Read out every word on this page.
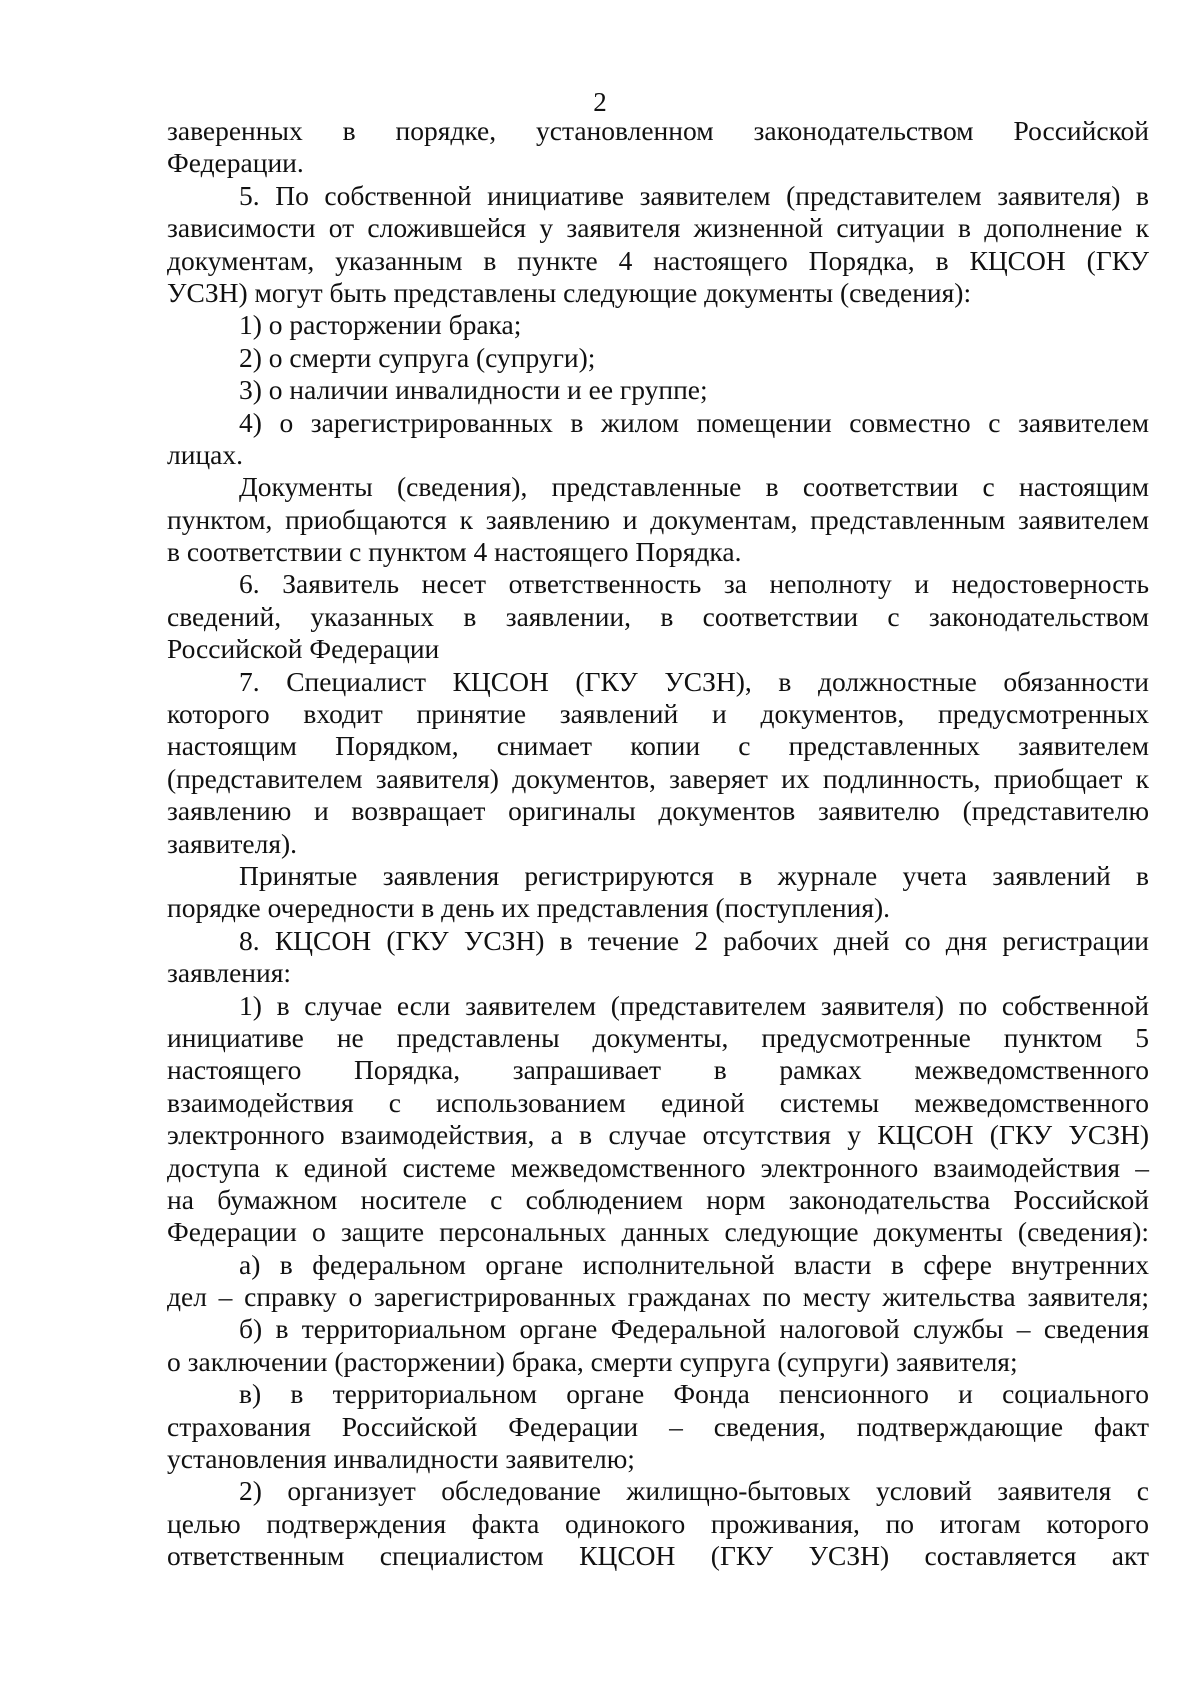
2
заверенных в порядке, установленном законодательством Российской
Федерации.
5. По собственной инициативе заявителем (представителем заявителя) в
зависимости от сложившейся у заявителя жизненной ситуации в дополнение к
документам, указанным в пункте 4 настоящего Порядка, в КЦСОН (ГКУ
УСЗН) могут быть представлены следующие документы (сведения):
1) о расторжении брака;
2) о смерти супруга (супруги);
3) о наличии инвалидности и ее группе;
4) о зарегистрированных в жилом помещении совместно с заявителем
лицах.
Документы (сведения), представленные в соответствии с настоящим
пунктом, приобщаются к заявлению и документам, представленным заявителем
в соответствии с пунктом 4 настоящего Порядка.
6. Заявитель несет ответственность за неполноту и недостоверность
сведений, указанных в заявлении, в соответствии с законодательством
Российской Федерации
7. Специалист КЦСОН (ГКУ УСЗН), в должностные обязанности
которого входит принятие заявлений и документов, предусмотренных
настоящим Порядком, снимает копии с представленных заявителем
(представителем заявителя) документов, заверяет их подлинность, приобщает к
заявлению и возвращает оригиналы документов заявителю (представителю
заявителя).
Принятые заявления регистрируются в журнале учета заявлений в
порядке очередности в день их представления (поступления).
8. КЦСОН (ГКУ УСЗН) в течение 2 рабочих дней со дня регистрации
заявления:
1) в случае если заявителем (представителем заявителя) по собственной
инициативе не представлены документы, предусмотренные пунктом 5
настоящего Порядка, запрашивает в рамках межведомственного
взаимодействия с использованием единой системы межведомственного
электронного взаимодействия, а в случае отсутствия у КЦСОН (ГКУ УСЗН)
доступа к единой системе межведомственного электронного взаимодействия –
на бумажном носителе с соблюдением норм законодательства Российской
Федерации о защите персональных данных следующие документы (сведения):
а) в федеральном органе исполнительной власти в сфере внутренних
дел – справку о зарегистрированных гражданах по месту жительства заявителя;
б) в территориальном органе Федеральной налоговой службы – сведения
о заключении (расторжении) брака, смерти супруга (супруги) заявителя;
в) в территориальном органе Фонда пенсионного и социального
страхования Российской Федерации – сведения, подтверждающие факт
установления инвалидности заявителю;
2) организует обследование жилищно-бытовых условий заявителя с
целью подтверждения факта одинокого проживания, по итогам которого
ответственным специалистом КЦСОН (ГКУ УСЗН) составляется акт
